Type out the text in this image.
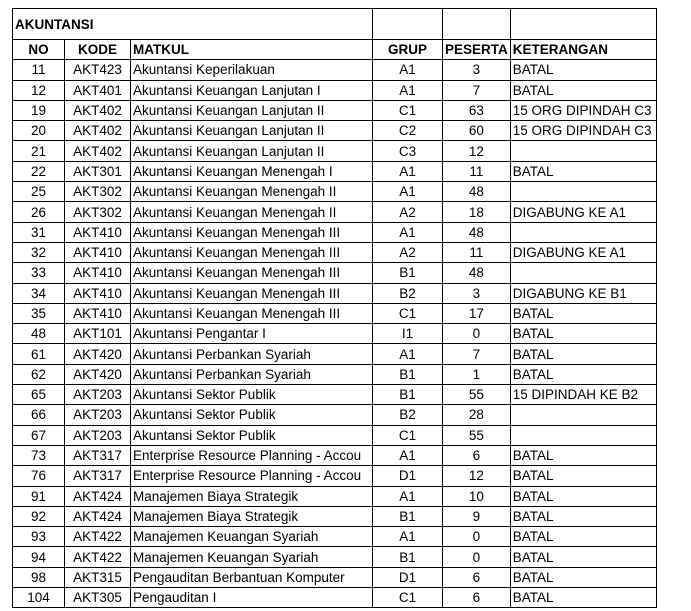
AKUNTANSI					
NO	KODE	MATKUL	GRUP	PESERTA	KETERANGAN
11	AKT423	Akuntansi Keperilakuan	A1	3	BATAL
12	AKT401	Akuntansi Keuangan Lanjutan I	A1	7	BATAL
19	AKT402	Akuntansi Keuangan Lanjutan II	C1	63	15 ORG DIPINDAH C3
20	AKT402	Akuntansi Keuangan Lanjutan II	C2	60	15 ORG DIPINDAH C3
21	AKT402	Akuntansi Keuangan Lanjutan II	C3	12	
22	AKT301	Akuntansi Keuangan Menengah I	A1	11	BATAL
25	AKT302	Akuntansi Keuangan Menengah II	A1	48	
26	AKT302	Akuntansi Keuangan Menengah II	A2	18	DIGABUNG KE A1
31	AKT410	Akuntansi Keuangan Menengah III	A1	48	
32	AKT410	Akuntansi Keuangan Menengah III	A2	11	DIGABUNG KE A1
33	AKT410	Akuntansi Keuangan Menengah III	B1	48	
34	AKT410	Akuntansi Keuangan Menengah III	B2	3	DIGABUNG KE B1
35	AKT410	Akuntansi Keuangan Menengah III	C1	17	BATAL
48	AKT101	Akuntansi Pengantar I	I1	0	BATAL
61	AKT420	Akuntansi Perbankan Syariah	A1	7	BATAL
62	AKT420	Akuntansi Perbankan Syariah	B1	1	BATAL
65	AKT203	Akuntansi Sektor Publik	B1	55	15 DIPINDAH KE B2
66	AKT203	Akuntansi Sektor Publik	B2	28	
67	AKT203	Akuntansi Sektor Publik	C1	55	
73	AKT317	Enterprise Resource Planning - Accou	A1	6	BATAL
76	AKT317	Enterprise Resource Planning - Accou	D1	12	BATAL
91	AKT424	Manajemen Biaya Strategik	A1	10	BATAL
92	AKT424	Manajemen Biaya Strategik	B1	9	BATAL
93	AKT422	Manajemen Keuangan Syariah	A1	0	BATAL
94	AKT422	Manajemen Keuangan Syariah	B1	0	BATAL
98	AKT315	Pengauditan Berbantuan Komputer	D1	6	BATAL
104	AKT305	Pengauditan I	C1	6	BATAL
